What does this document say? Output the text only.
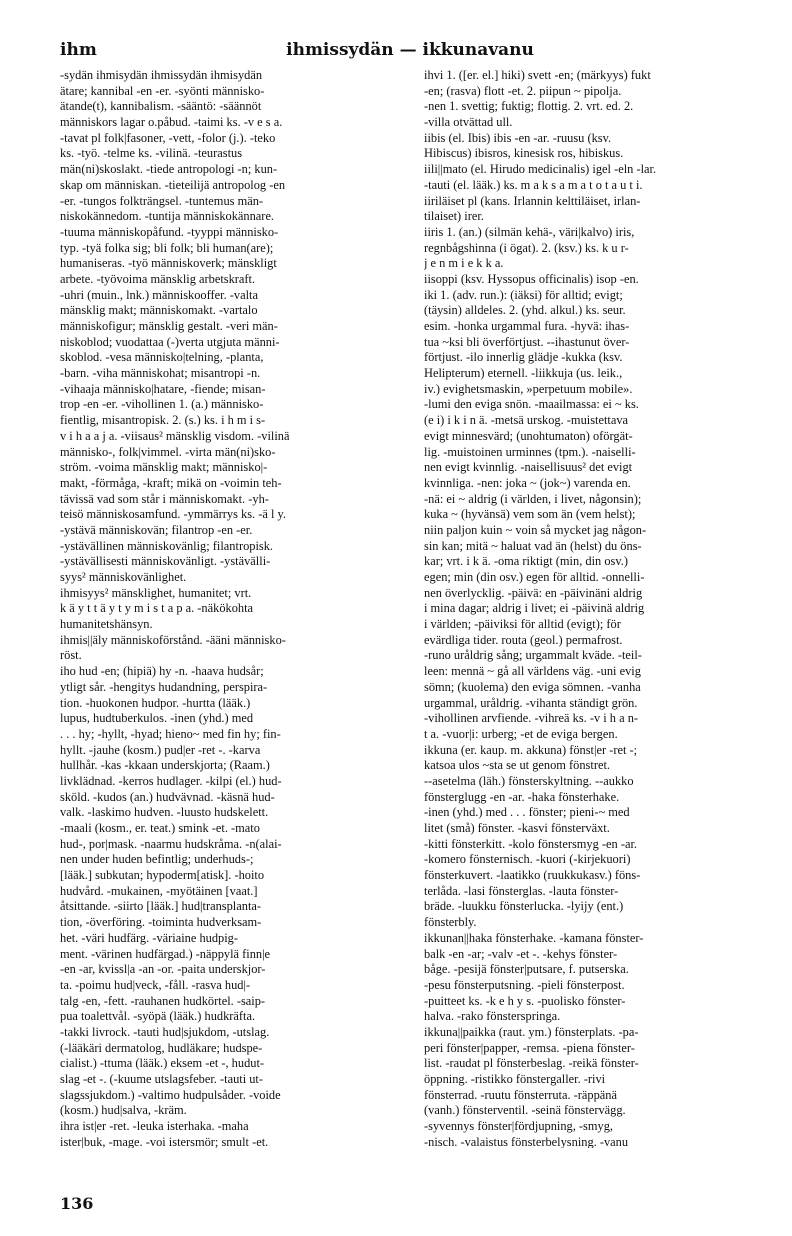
ihm	ihmissydän — ikkunavanu
-sydän ihmisydän ihmissydän ihmisydän
ätare; kannibal -en -er. -syönti människo-
ätande(t), kannibalism. -sääntö: -säännöt
människors lagar o.påbud. -taimi ks. -v e s a.
-tavat pl folk|fasoner, -vett, -folor (j.). -teko
ks. -työ. -telme ks. -vilinä. -teurastus
män(ni)skoslakt. -tiede antropologi -n; kun-
skap om människan. -tieteilijä antropolog -en
-er. -tungos folkträngsel. -tuntemus män-
niskokännedom. -tuntija människokännare.
-tuuma människopåfund. -tyyppi människo-
typ. -tyä folka sig; bli folk; bli human(are);
humaniseras. -työ människoverk; mänskligt
arbete. -työvoima mänsklig arbetskraft.
-uhri (muin., lnk.) människooffer. -valta
mänsklig makt; människomakt. -vartalo
människofigur; mänsklig gestalt. -veri män-
niskoblod; vuodattaa (-)verta utgjuta männi-
skoblod. -vesa människo|telning, -planta,
-barn. -viha människohat; misantropi -n.
-vihaaja människo|hatare, -fiende; misan-
trop -en -er. -vihollinen 1. (a.) människo-
fientlig, misantropisk. 2. (s.) ks. i h m i s-
v i h a a j a. -viisaus² mänsklig visdom. -vilinä
människo-, folk|vimmel. -virta män(ni)sko-
ström. -voima mänsklig makt; människo|-
makt, -förmåga, -kraft; mikä on -voimin teh-
tävissä vad som står i människomakt. -yh-
teisö människosamfund. -ymmärrys ks. -ä l y.
-ystävä människovän; filantrop -en -er.
-ystävällinen människovänlig; filantropisk.
-ystävällisesti människovänligt. -ystävälli-
syys² människovänlighet.
ihmisyys² mänsklighet, humanitet; vrt.
k ä y t t ä y t y m i s t a p a. -näkökohta
humanitetshänsyn.
ihmis||äly människoförstånd. -ääni människo-
röst.
iho hud -en; (hipiä) hy -n. -haava hudsår;
ytligt sår. -hengitys hudandning, perspira-
tion. -huokonen hudpor. -hurtta (lääk.)
lupus, hudtuberkulos. -inen (yhd.) med
. . . hy; -hyllt, -hyad; hieno~ med fin hy; fin-
hyllt. -jauhe (kosm.) pud|er -ret -. -karva
hullhår. -kas -kkaan underskjorta; (Raam.)
livklädnad. -kerros hudlager. -kilpi (el.) hud-
sköld. -kudos (an.) hudvävnad. -käsnä hud-
valk. -laskimo hudven. -luusto hudskelett.
-maali (kosm., er. teat.) smink -et. -mato
hud-, por|mask. -naarmu hudskråma. -n(alai-
nen under huden befintlig; underhuds-;
[lääk.] subkutan; hypoderm[atisk]. -hoito
hudvård. -mukainen, -myötäinen [vaat.]
åtsittande. -siirto [lääk.] hud|transplanta-
tion, -överföring. -toiminta hudverksam-
het. -väri hudfärg. -väriaine hudpig-
ment. -värinen hudfärgad.) -näppylä finn|e
-en -ar, kvissl|a -an -or. -paita underskjor-
ta. -poimu hud|veck, -fåll. -rasva hud|-
talg -en, -fett. -rauhanen hudkörtel. -saip-
pua toalettvål. -syöpä (lääk.) hudkräfta.
-takki livrock. -tauti hud|sjukdom, -utslag.
(-lääkäri dermatolog, hudläkare; hudspe-
cialist.) -ttuma (lääk.) eksem -et -, hudut-
slag -et -. (-kuume utslagsfeber. -tauti ut-
slagssjukdom.) -valtimo hudpulsåder. -voide
(kosm.) hud|salva, -kräm.
ihra ist|er -ret. -leuka isterhaka. -maha
ister|buk, -mage. -voi istersmör; smult -et.
ihvi 1. ([er. el.] hiki) svett -en; (märkyys) fukt
-en; (rasva) flott -et. 2. piipun ~ pipolja.
-nen 1. svettig; fuktig; flottig. 2. vrt. ed. 2.
-villa otvättad ull.
iibis (el. Ibis) ibis -en -ar. -ruusu (ksv.
Hibiscus) ibisros, kinesisk ros, hibiskus.
iili||mato (el. Hirudo medicinalis) igel -eln -lar.
-tauti (el. lääk.) ks. m a k s a m a t o t a u t i.
iiriläiset pl (kans. Irlannin kelttiläiset, irlan-
tilaiset) irer.
iiris 1. (an.) (silmän kehä-, väri|kalvo) iris,
regnbågshinna (i ögat). 2. (ksv.) ks. k u r-
j e n m i e k k a.
iisoppi (ksv. Hyssopus officinalis) isop -en.
iki 1. (adv. run.): (iäksi) för alltid; evigt;
(täysin) alldeles. 2. (yhd. alkul.) ks. seur.
esim. -honka urgammal fura. -hyvä: ihas-
tua ~ksi bli överförtjust. --ihastunut över-
förtjust. -ilo innerlig glädje -kukka (ksv.
Helipterum) eternell. -liikkuja (us. leik.,
iv.) evighetsmaskin, »perpetuum mobile».
-lumi den eviga snön. -maailmassa: ei ~ ks.
(e i) i k i n ä. -metsä urskog. -muistettava
evigt minnesvärd; (unohtumaton) oförgät-
lig. -muistoinen urminnes (tpm.). -naiselli-
nen evigt kvinnlig. -naisellisuus² det evigt
kvinnliga. -nen: joka ~ (jok~) varenda en.
-nä: ei ~ aldrig (i världen, i livet, någonsin);
kuka ~ (hyvänsä) vem som än (vem helst);
niin paljon kuin ~ voin så mycket jag någon-
sin kan; mitä ~ haluat vad än (helst) du öns-
kar; vrt. i k ä. -oma riktigt (min, din osv.)
egen; min (din osv.) egen för alltid. -onnelli-
nen överlycklig. -päivä: en -päivinäni aldrig
i mina dagar; aldrig i livet; ei -päivinä aldrig
i världen; -päiviksi för alltid (evigt); för
evärdliga tider. routa (geol.) permafrost.
-runo uråldrig sång; urgammalt kväde. -teil-
leen: mennä ~ gå all världens väg. -uni evig
sömn; (kuolema) den eviga sömnen. -vanha
urgammal, uråldrig. -vihanta ständigt grön.
-vihollinen arvfiende. -vihreä ks. -v i h a n-
t a. -vuor|i: urberg; -et de eviga bergen.
ikkuna (er. kaup. m. akkuna) fönst|er -ret -;
katsoa ulos ~sta se ut genom fönstret.
--asetelma (läh.) fönsterskyltning. --aukko
fönsterglugg -en -ar. -haka fönsterhake.
-inen (yhd.) med . . . fönster; pieni-~ med
litet (små) fönster. -kasvi fönsterväxt.
-kitti fönsterkitt. -kolo fönstersmyg -en -ar.
-komero fönsternisch. -kuori (-kirjekuori)
fönsterkuvert. -laatikko (ruukkukasv.) föns-
terlåda. -lasi fönsterglas. -lauta fönster-
bräde. -luukku fönsterlucka. -lyijy (ent.)
fönsterbly.
ikkunan||haka fönsterhake. -kamana fönster-
balk -en -ar; -valv -et -. -kehys fönster-
båge. -pesijä fönster|putsare, f. putserska.
-pesu fönsterputsning. -pieli fönsterpost.
-puitteet ks. -k e h y s. -puolisko fönster-
halva. -rako fönsterspringa.
ikkuna||paikka (raut. ym.) fönsterplats. -pa-
peri fönster|papper, -remsa. -piena fönster-
list. -raudat pl fönsterbeslag. -reikä fönster-
öppning. -ristikko fönstergaller. -rivi
fönsterrad. -ruutu fönsterruta. -räppänä
(vanh.) fönsterventil. -seinä fönstervägg.
-syvennys fönster|fördjupning, -smyg,
-nisch. -valaistus fönsterbelysning. -vanu
136
